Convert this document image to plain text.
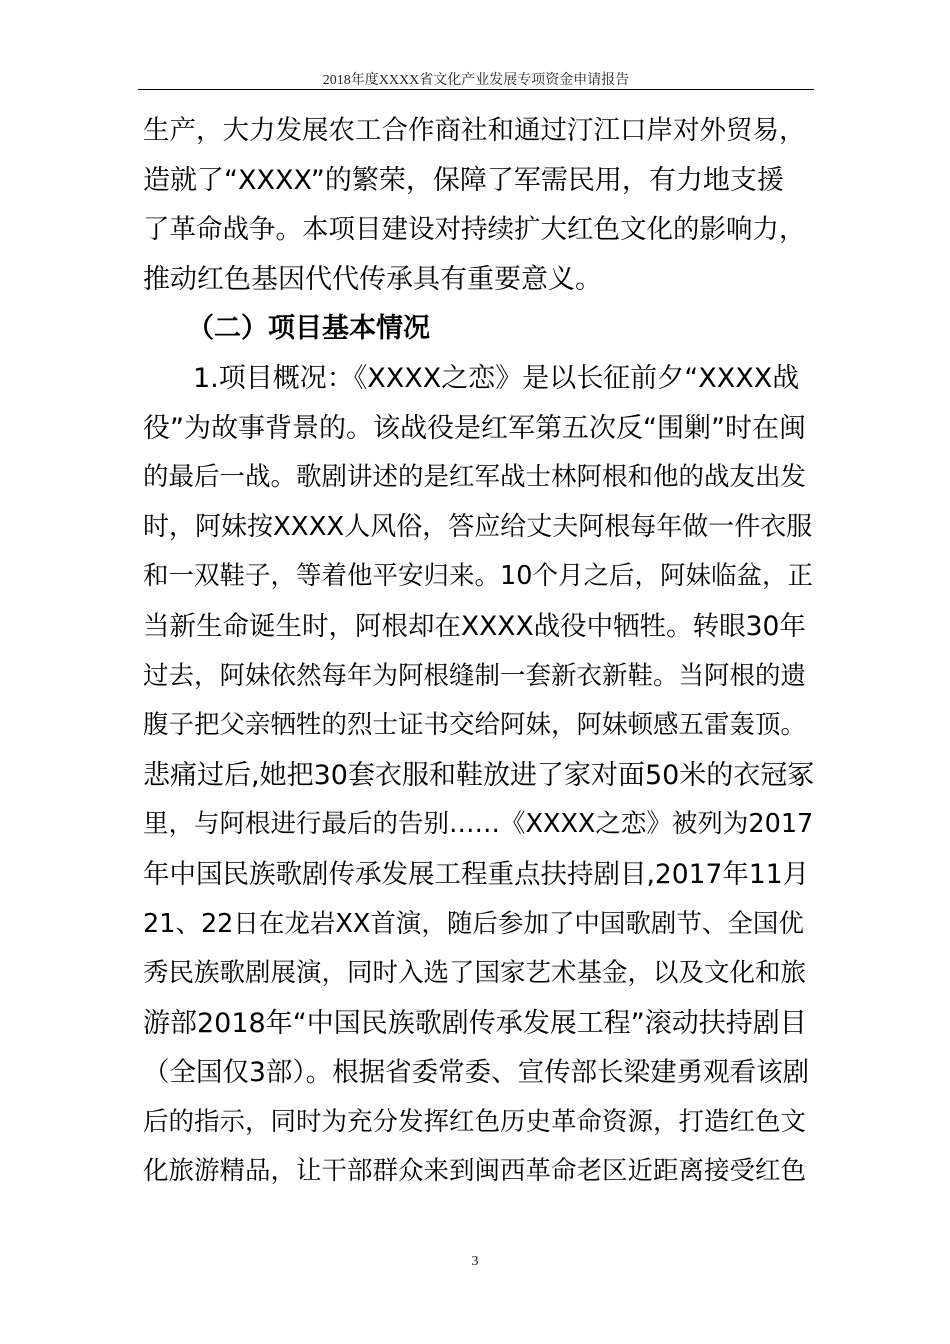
2018年度XXXX省文化产业发展专项资金申请报告
生产，大力发展农工合作商社和通过汀江口岸对外贸易，
造就了“XXXX”的繁荣，保障了军需民用，有力地支援
了革命战争。本项目建设对持续扩大红色文化的影响力，
推动红色基因代代传承具有重要意义。
（二）项目基本情况
1.项目概况：《XXXX之恋》是以长征前夕“XXXX战
役”为故事背景的。该战役是红军第五次反“围剿”时在闽
的最后一战。歌剧讲述的是红军战士林阿根和他的战友出发
时，阿妹按XXXX人风俗，答应给丈夫阿根每年做一件衣服
和一双鞋子，等着他平安归来。10个月之后，阿妹临盆，正
当新生命诞生时，阿根却在XXXX战役中牺牲。转眼30年
过去，阿妹依然每年为阿根缝制一套新衣新鞋。当阿根的遗
腹子把父亲牺牲的烈士证书交给阿妹，阿妹顿感五雷轰顶。
悲痛过后,她把30套衣服和鞋放进了家对面50米的衣冠冢
里，与阿根进行最后的告别……《XXXX之恋》被列为2017
年中国民族歌剧传承发展工程重点扶持剧目,2017年11月
21、22日在龙岩XX首演，随后参加了中国歌剧节、全国优
秀民族歌剧展演，同时入选了国家艺术基金，以及文化和旅
游部2018年“中国民族歌剧传承发展工程”滚动扶持剧目
（全国仅3部）。根据省委常委、宣传部长梁建勇观看该剧
后的指示，同时为充分发挥红色历史革命资源，打造红色文
化旅游精品，让干部群众来到闽西革命老区近距离接受红色
3
